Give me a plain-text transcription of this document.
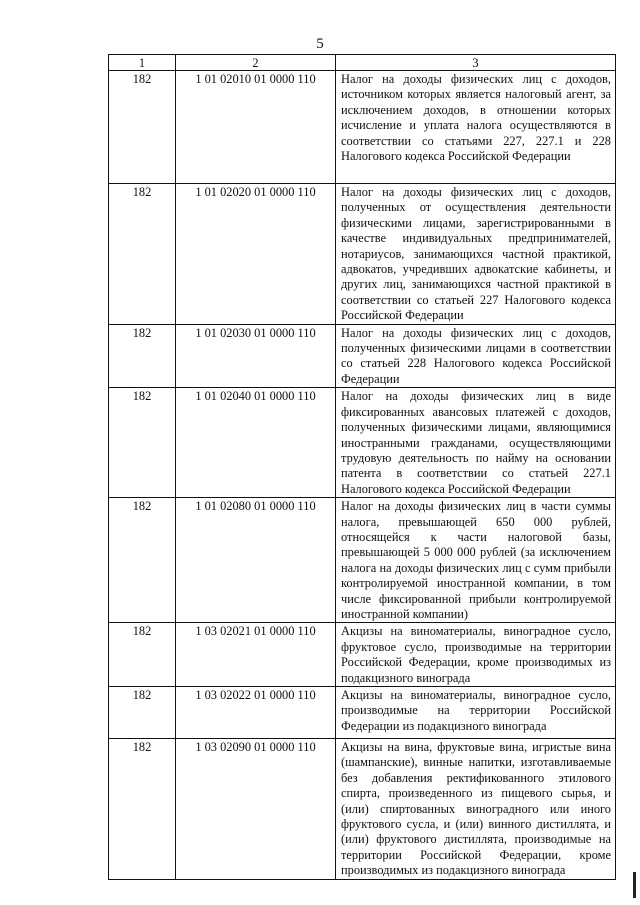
5
1	2	3
182	1 01 02010 01 0000 110	Налог на доходы физических лиц с доходов, источником которых является налоговый агент, за исключением доходов, в отношении которых исчисление и уплата налога осуществляются в соответствии со статьями 227, 227.1 и 228 Налогового кодекса Российской Федерации
182	1 01 02020 01 0000 110	Налог на доходы физических лиц с доходов, полученных от осуществления деятельности физическими лицами, зарегистрированными в качестве индивидуальных предпринимателей, нотариусов, занимающихся частной практикой, адвокатов, учредивших адвокатские кабинеты, и других лиц, занимающихся частной практикой в соответствии со статьей 227 Налогового кодекса Российской Федерации
182	1 01 02030 01 0000 110	Налог на доходы физических лиц с доходов, полученных физическими лицами в соответствии со статьей 228 Налогового кодекса Российской Федерации
182	1 01 02040 01 0000 110	Налог на доходы физических лиц в виде фиксированных авансовых платежей с доходов, полученных физическими лицами, являющимися иностранными гражданами, осуществляющими трудовую деятельность по найму на основании патента в соответствии со статьей 227.1 Налогового кодекса Российской Федерации
182	1 01 02080 01 0000 110	Налог на доходы физических лиц в части суммы налога, превышающей 650 000 рублей, относящейся к части налоговой базы, превышающей 5 000 000 рублей (за исключением налога на доходы физических лиц с сумм прибыли контролируемой иностранной компании, в том числе фиксированной прибыли контролируемой иностранной компании)
182	1 03 02021 01 0000 110	Акцизы на виноматериалы, виноградное сусло, фруктовое сусло, производимые на территории Российской Федерации, кроме производимых из подакцизного винограда
182	1 03 02022 01 0000 110	Акцизы на виноматериалы, виноградное сусло, производимые на территории Российской Федерации из подакцизного винограда
182	1 03 02090 01 0000 110	Акцизы на вина, фруктовые вина, игристые вина (шампанские), винные напитки, изготавливаемые без добавления ректификованного этилового спирта, произведенного из пищевого сырья, и (или) спиртованных виноградного или иного фруктового сусла, и (или) винного дистиллята, и (или) фруктового дистиллята, производимые на территории Российской Федерации, кроме производимых из подакцизного винограда
